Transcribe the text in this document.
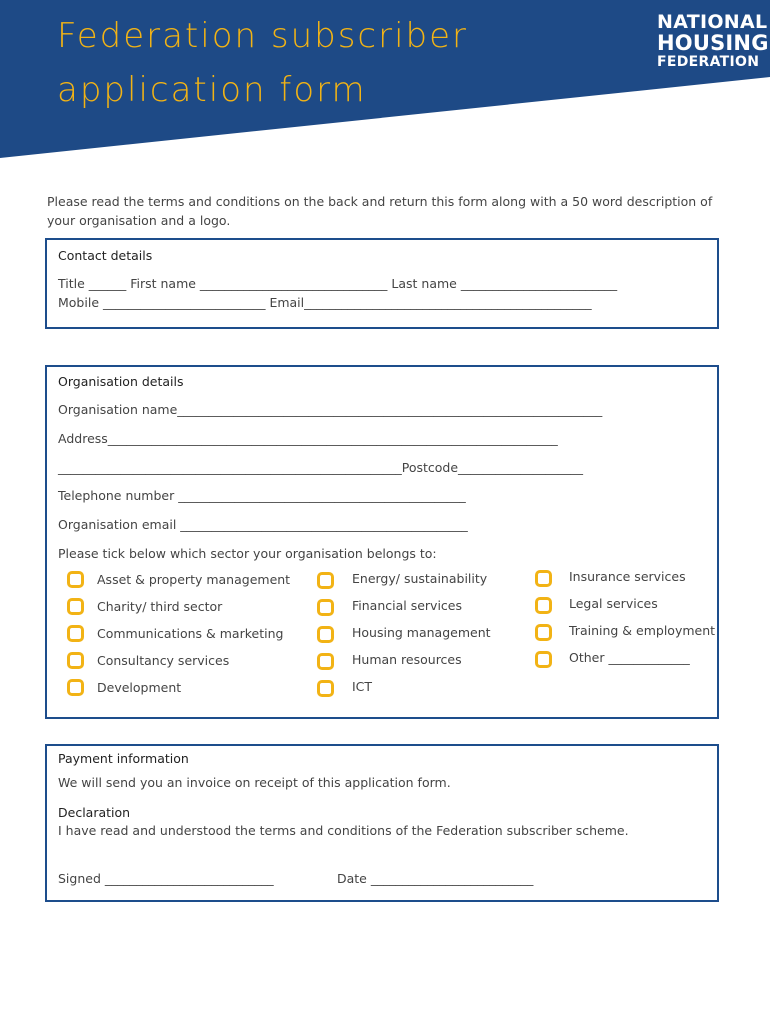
Federation subscriber
application form
NATIONAL
HOUSING
FEDERATION
Please read the terms and conditions on the back and return this form along with a 50 word description of
your organisation and a logo.
Contact details
Title ______ First name ______________________________ Last name _________________________
Mobile __________________________ Email______________________________________________
Organisation details
Organisation name____________________________________________________________________
Address________________________________________________________________________
_______________________________________________________Postcode____________________
Telephone number ______________________________________________
Organisation email ______________________________________________
Please tick below which sector your organisation belongs to:
Asset & property management
Charity/ third sector
Communications & marketing
Consultancy services
Development
Energy/ sustainability
Financial services
Housing management
Human resources
ICT
Insurance services
Legal services
Training & employment
Other _____________
Payment information
We will send you an invoice on receipt of this application form.
Declaration
I have read and understood the terms and conditions of the Federation subscriber scheme.
Signed ___________________________	Date __________________________
